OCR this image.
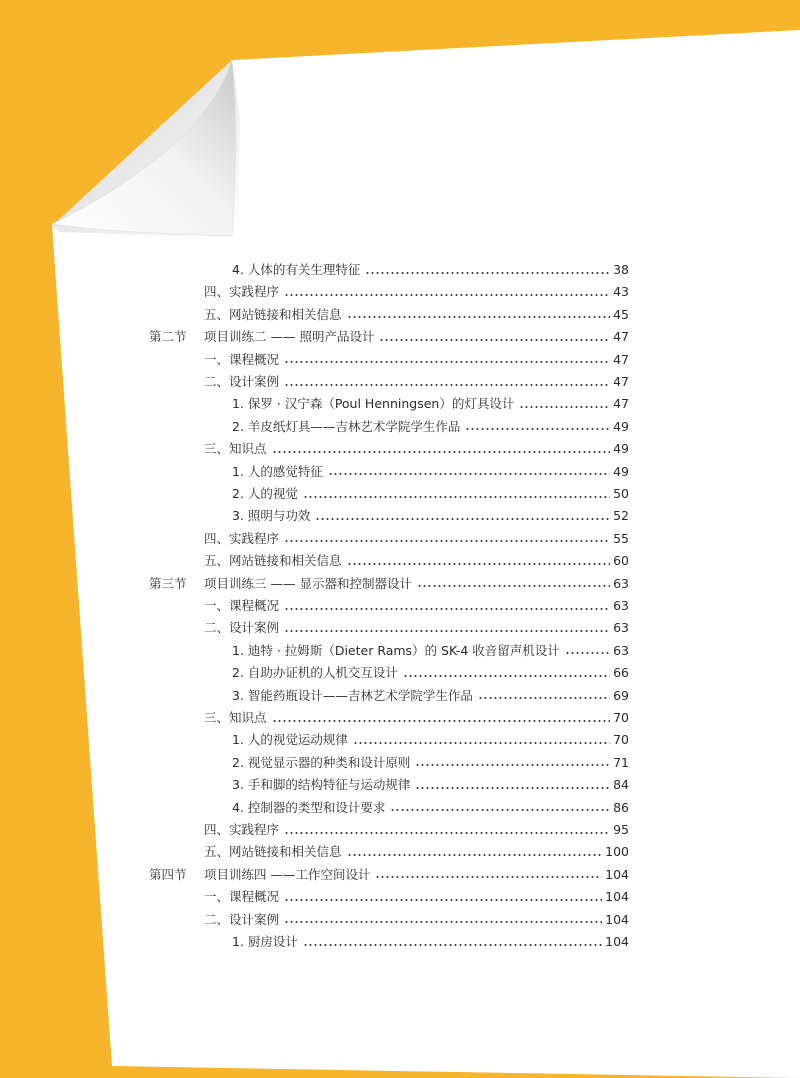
4. 人体的有关生理特征	38
四、实践程序	43
五、网站链接和相关信息	45
第二节 项目训练二 —— 照明产品设计	47
一、课程概况	47
二、设计案例	47
1. 保罗 · 汉宁森（Poul Henningsen）的灯具设计	47
2. 羊皮纸灯具——吉林艺术学院学生作品	49
三、知识点	49
1. 人的感觉特征	49
2. 人的视觉	50
3. 照明与功效	52
四、实践程序	55
五、网站链接和相关信息	60
第三节 项目训练三 —— 显示器和控制器设计	63
一、课程概况	63
二、设计案例	63
1. 迪特 · 拉姆斯（Dieter Rams）的 SK-4 收音留声机设计	63
2. 自助办证机的人机交互设计	66
3. 智能药瓶设计——吉林艺术学院学生作品	69
三、知识点	70
1. 人的视觉运动规律	70
2. 视觉显示器的种类和设计原则	71
3. 手和脚的结构特征与运动规律	84
4. 控制器的类型和设计要求	86
四、实践程序	95
五、网站链接和相关信息	100
第四节 项目训练四 ——工作空间设计	104
一、课程概况	104
二、设计案例	104
1. 厨房设计	104
